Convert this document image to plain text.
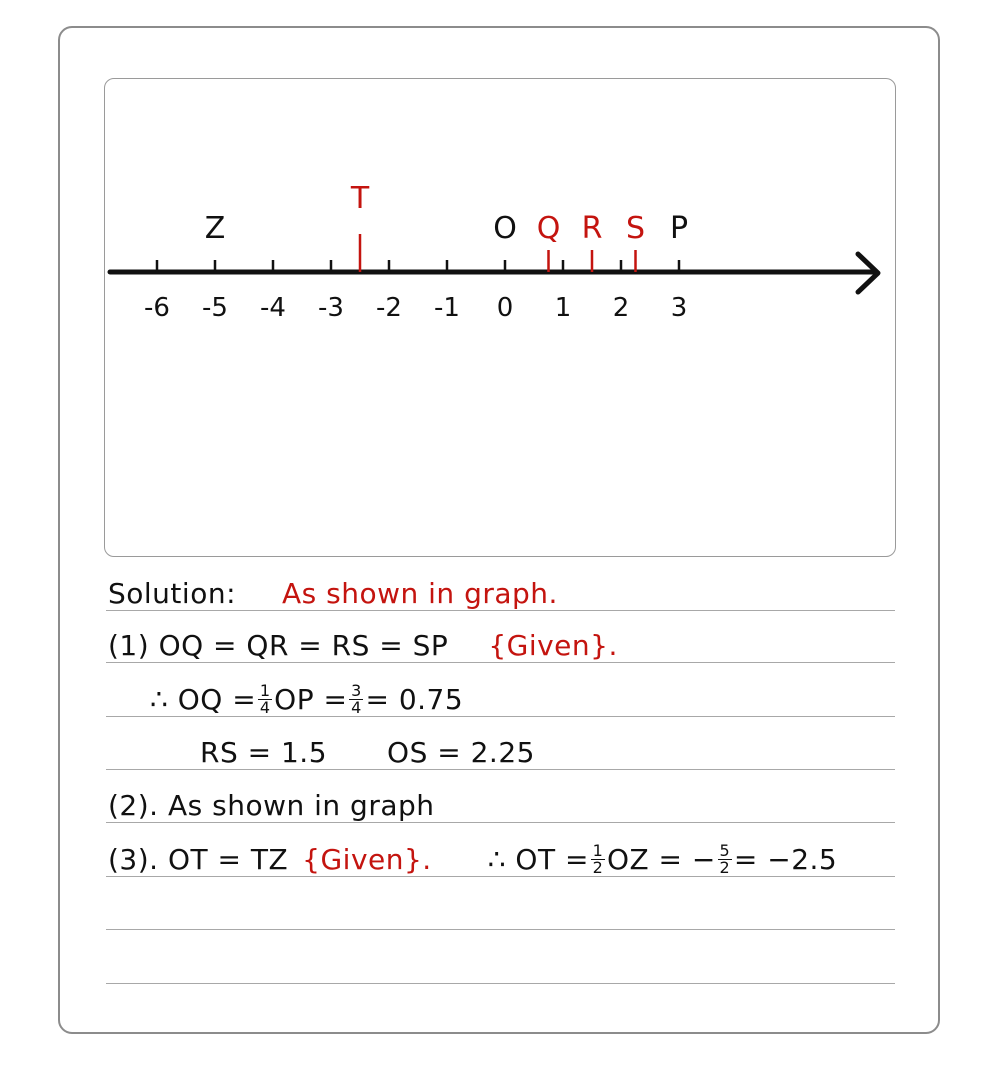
-6 -5 -4 -3 -2 -1 0 1 2 3
Z
T
O Q R S P
Solution: As shown in graph.
(1) OQ = QR = RS = SP {Given}.
∴ OQ = $\frac{1}{4}$ OP = $\frac{3}{4} = 0.75$
RS = 1.5 OS = 2.25
(2). As shown in graph
(3). OT = TZ {Given}. ∴ OT = $\frac{1}{2}$ OZ = − $\frac{5}{2} = -2.5$
